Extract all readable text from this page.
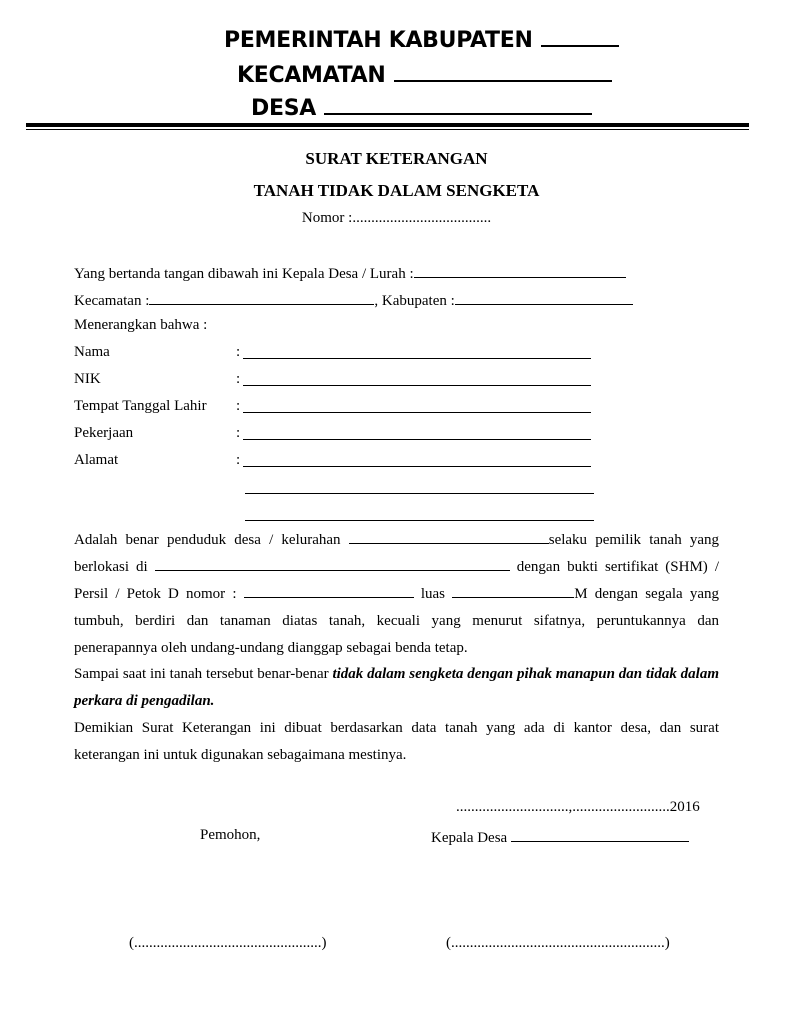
PEMERINTAH KABUPATEN
KECAMATAN
DESA
SURAT KETERANGAN
TANAH TIDAK DALAM SENGKETA
Nomor :.....................................
Yang bertanda tangan dibawah ini Kepala Desa / Lurah :
Kecamatan :	, Kabupaten :
Menerangkan bahwa :
Nama	:
NIK	:
Tempat Tanggal Lahir :
Pekerjaan	:
Alamat	:
Adalah benar penduduk desa / kelurahan	selaku pemilik tanah yang berlokasi di	dengan bukti sertifikat (SHM) / Persil / Petok D nomor :	luas	M dengan segala yang tumbuh, berdiri dan tanaman diatas tanah, kecuali yang menurut sifatnya, peruntukannya dan penerapannya oleh undang-undang dianggap sebagai benda tetap.
Sampai saat ini tanah tersebut benar-benar tidak dalam sengketa dengan pihak manapun dan tidak dalam perkara di pengadilan.
Demikian Surat Keterangan ini dibuat berdasarkan data tanah yang ada di kantor desa, dan surat keterangan ini untuk digunakan sebagaimana mestinya.
..............................,..........................2016
Pemohon,	Kepala Desa
(..................................................)	(.........................................................)
